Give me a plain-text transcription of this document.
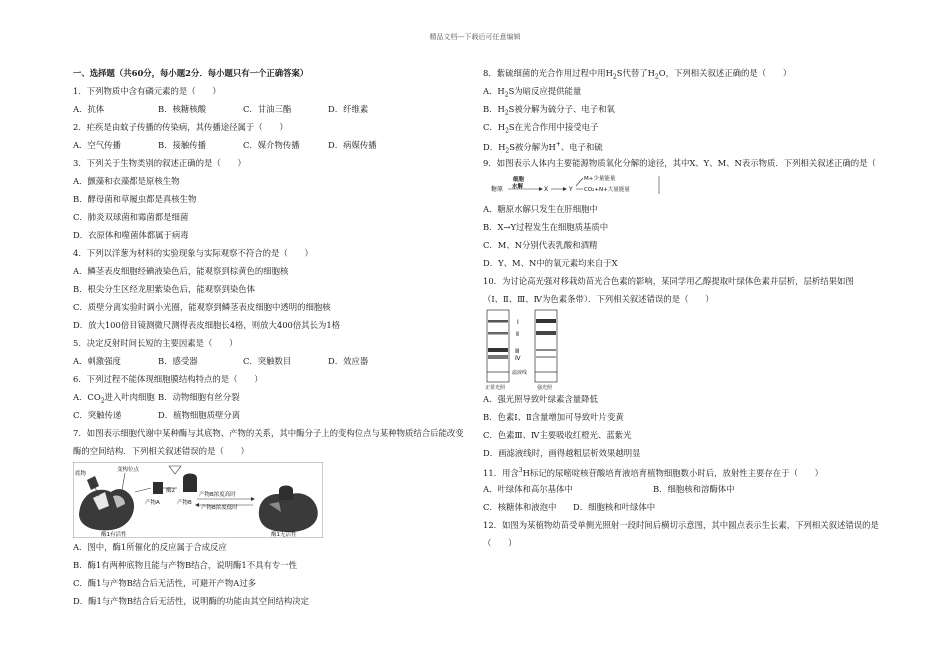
精品文档---下载后可任意编辑
一、选择题（共60分，每小题2分．每小题只有一个正确答案）
1．下列物质中含有磷元素的是（　　）
A．抗体	B．核糖核酸	C．甘油三酯	D．纤维素
2．疟疾是由蚊子传播的传染病，其传播途径属于（　　）
A．空气传播	B．接触传播	C．媒介物传播	D．病媒传播
3．下列关于生物类别的叙述正确的是（　　）
A．颤藻和衣藻都是原核生物
B．酵母菌和草履虫都是真核生物
C．肺炎双球菌和霉菌都是细菌
D．衣原体和噬菌体都属于病毒
4．下列以洋葱为材料的实验现象与实际观察不符合的是（　　）
A．鳞茎表皮细胞经碘液染色后，能观察到棕黄色的细胞核
B．根尖分生区经龙胆紫染色后，能观察到染色体
C．质壁分离实验时调小光圈，能观察到鳞茎表皮细胞中透明的细胞核
D．放大100倍目镜测微尺测得表皮细胞长4格，则放大400倍其长为1格
5．决定反射时间长短的主要因素是（　　）
A．刺激强度	B．感受器	C．突触数目	D．效应器
6．下列过程不能体现细胞膜结构特点的是（　　）
A．$CO_2$进入叶肉细胞 B．动物细胞有丝分裂
C．突触传递	D．植物细胞质壁分离
7．如图表示细胞代谢中某种酶与其底物、产物的关系，其中酶分子上的变构位点与某种物质结合后能改变
酶的空间结构．下列相关叙述错误的是（　　）
底物
变构位点
产物A
酶2
产物B
产物B浓度高时
产物B浓度低时
酶1有活性	酶1无活性
A．图中，酶1所催化的反应属于合成反应
B．酶1有两种底物且能与产物B结合，说明酶1不具有专一性
C．酶1与产物B结合后无活性，可避开产物A过多
D．酶1与产物B结合后无活性，说明酶的功能由其空间结构决定
8．紫硫细菌的光合作用过程中用$H_2S$代替了$H_2O$，下列相关叙述正确的是（　　）
A．$H_2S$为暗反应提供能量
B．$H_2S$被分解为硫分子、电子和氧
C．$H_2S$在光合作用中接受电子
D．$H_2S$被分解为H+、电子和硫
9．如图表示人体内主要能源物质氧化分解的途径，其中X、Y、M、N表示物质．下列相关叙述正确的是（
糖原
细胞水解	X	Y
M+少量能量
CO₂+N+大量能量
A．糖原水解只发生在肝细胞中
B．X→Y过程发生在细胞质基质中
C．M、N分别代表乳酸和酒精
D．Y、M、N中的氧元素均来自于X
10．为讨论高光强对移栽幼苗光合色素的影响，某同学用乙醇提取叶绿体色素并层析，层析结果如图
（Ⅰ、Ⅱ、Ⅲ、Ⅳ为色素条带）．下列相关叙述错误的是（　　）
Ⅰ
Ⅱ
Ⅲ
Ⅳ
滤液线
正常光照	强光照
A．强光照导致叶绿素含量降低
B．色素Ⅰ、Ⅱ含量增加可导致叶片变黄
C．色素Ⅲ、Ⅳ主要吸收红橙光、蓝紫光
D．画滤液线时，画得越粗层析效果越明显
11．用含$^3$H标记的尿嘧啶核苷酸培育液培育植物细胞数小时后，放射性主要存在于（　　）
A．叶绿体和高尔基体中	B．细胞核和溶酶体中
C．核糖体和液泡中	D．细胞核和叶绿体中
12．如图为某植物幼苗受单侧光照射一段时间后横切示意图，其中圆点表示生长素，下列相关叙述错误的是
（　　）
